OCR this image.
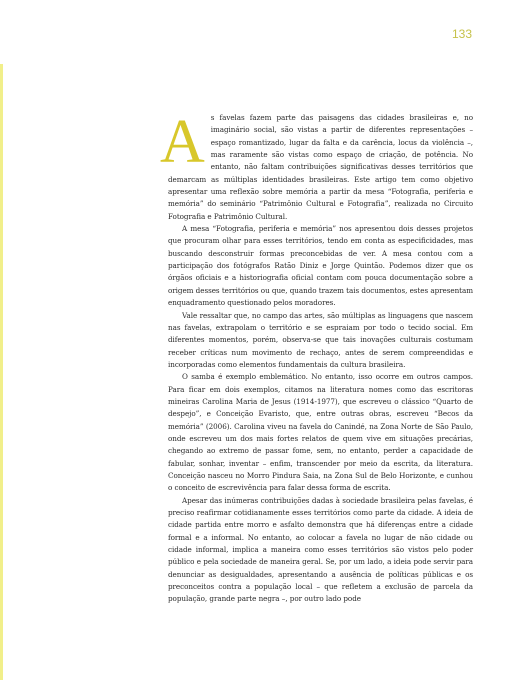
133

As favelas fazem parte das paisagens das cidades brasileiras e, no imaginário social, são vistas a partir de diferentes representações – espaço romantizado, lugar da falta e da carência, locus da violência –, mas raramente são vistas como espaço de criação, de potência. No entanto, não faltam contribuições significativas desses territórios que demarcam as múltiplas identidades brasileiras. Este artigo tem como objetivo apresentar uma reflexão sobre memória a partir da mesa “Fotografia, periferia e memória” do seminário “Patrimônio Cultural e Fotografia”, realizada no Circuito Fotografia e Patrimônio Cultural.

A mesa “Fotografia, periferia e memória” nos apresentou dois desses projetos que procuram olhar para esses territórios, tendo em conta as especificidades, mas buscando desconstruir formas preconcebidas de ver. A mesa contou com a participação dos fotógrafos Ratão Diniz e Jorge Quintão. Podemos dizer que os órgãos oficiais e a historiografia oficial contam com pouca documentação sobre a origem desses territórios ou que, quando trazem tais documentos, estes apresentam enquadramento questionado pelos moradores.

Vale ressaltar que, no campo das artes, são múltiplas as linguagens que nascem nas favelas, extrapolam o território e se espraiam por todo o tecido social. Em diferentes momentos, porém, observa-se que tais inovações culturais costumam receber críticas num movimento de rechaço, antes de serem compreendidas e incorporadas como elementos fundamentais da cultura brasileira.

O samba é exemplo emblemático. No entanto, isso ocorre em outros campos. Para ficar em dois exemplos, citamos na literatura nomes como das escritoras mineiras Carolina Maria de Jesus (1914-1977), que escreveu o clássico “Quarto de despejo”, e Conceição Evaristo, que, entre outras obras, escreveu “Becos da memória” (2006). Carolina viveu na favela do Canindé, na Zona Norte de São Paulo, onde escreveu um dos mais fortes relatos de quem vive em situações precárias, chegando ao extremo de passar fome, sem, no entanto, perder a capacidade de fabular, sonhar, inventar – enfim, transcender por meio da escrita, da literatura. Conceição nasceu no Morro Pindura Saia, na Zona Sul de Belo Horizonte, e cunhou o conceito de escrevivência para falar dessa forma de escrita.

Apesar das inúmeras contribuições dadas à sociedade brasileira pelas favelas, é preciso reafirmar cotidianamente esses territórios como parte da cidade. A ideia de cidade partida entre morro e asfalto demonstra que há diferenças entre a cidade formal e a informal. No entanto, ao colocar a favela no lugar de não cidade ou cidade informal, implica a maneira como esses territórios são vistos pelo poder público e pela sociedade de maneira geral. Se, por um lado, a ideia pode servir para denunciar as desigualdades, apresentando a ausência de políticas públicas e os preconceitos contra a população local – que refletem a exclusão de parcela da população, grande parte negra –, por outro lado pode
